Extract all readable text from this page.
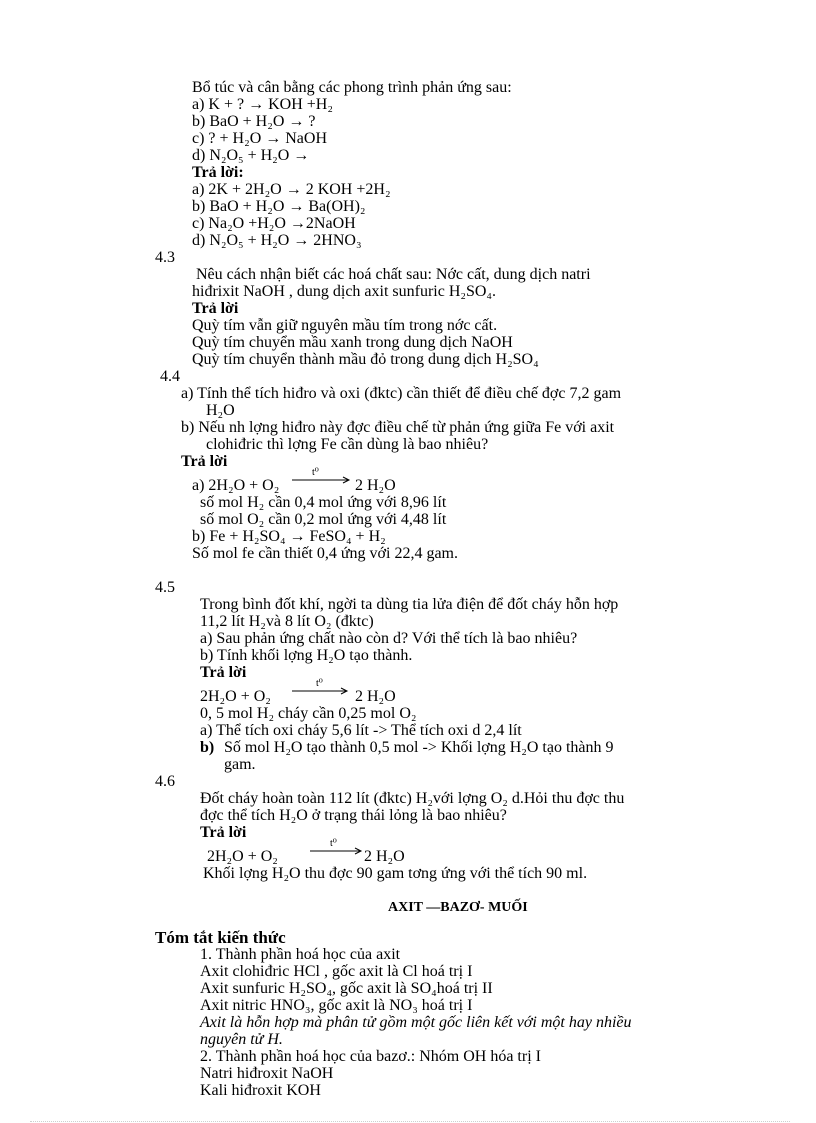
Bổ túc và cân bằng các phong trình phản ứng sau:
a) K + ? → KOH +H₂
b) BaO + H₂O → ?
c) ? + H₂O → NaOH
d) N₂O₅ + H₂O →
Trả lời:
a) 2K + 2H₂O → 2 KOH +2H₂
b) BaO + H₂O → Ba(OH)₂
c) Na₂O +H₂O →2NaOH
d) N₂O₅ + H₂O → 2HNO₃
4.3
Nêu cách nhận biết các hoá chất sau: Nớc cất, dung dịch natri
hiđrixit NaOH , dung dịch axit sunfuric H₂SO₄.
Trả lời
Quỳ tím vẫn giữ nguyên mầu tím trong nớc cất.
Quỳ tím chuyển mầu xanh trong dung dịch NaOH
Quỳ tím chuyển thành mầu đỏ trong dung dịch H₂SO₄
4.4
a) Tính thể tích hiđro và oxi (đktc) cần thiết để điều chế đợc 7,2 gam
H₂O
b) Nếu nh lợng hiđro này đợc điều chế từ phản ứng giữa Fe với axit
clohiđric thì lợng Fe cần dùng là bao nhiêu?
Trả lời
a) 2H₂O + O₂
t⁰
2 H₂O
số mol H₂ cần 0,4 mol ứng với 8,96 lít
số mol O₂ cần 0,2 mol ứng với 4,48 lít
b) Fe + H₂SO₄ → FeSO₄ + H₂
Số mol fe cần thiết 0,4 ứng với 22,4 gam.
4.5
Trong bình đốt khí, ngời ta dùng tia lửa điện để đốt cháy hỗn hợp
11,2 lít H₂và 8 lít O₂ (đktc)
a) Sau phản ứng chất nào còn d? Với thể tích là bao nhiêu?
b) Tính khối lợng H₂O tạo thành.
Trả lời
2H₂O + O₂
t⁰
2 H₂O
0, 5 mol H₂ cháy cần 0,25 mol O₂
a) Thể tích oxi cháy 5,6 lít -> Thể tích oxi d 2,4 lít
b) Số mol H₂O tạo thành 0,5 mol -> Khối lợng H₂O tạo thành 9
gam.
4.6
Đốt cháy hoàn toàn 112 lít (đktc) H₂với lợng O₂ d.Hỏi thu đợc thu
đợc thể tích H₂O ở trạng thái lỏng là bao nhiêu?
Trả lời
2H₂O + O₂
t⁰
2 H₂O
Khối lợng H₂O thu đợc 90 gam tơng ứng với thể tích 90 ml.
AXIT —BAZƠ- MUỐI
Tóm tắt kiến thức
1. Thành phần hoá học của axit
Axit clohiđric HCl , gốc axit là Cl hoá trị I
Axit sunfuric H₂SO₄, gốc axit là SO₄hoá trị II
Axit nitric HNO₃, gốc axit là NO₃ hoá trị I
Axit là hỗn hợp mà phân tử gồm một gốc liên kết với một hay nhiều
nguyên tử H.
2. Thành phần hoá học của bazơ.: Nhóm OH hóa trị I
Natri hiđroxit NaOH
Kali hiđroxit KOH
